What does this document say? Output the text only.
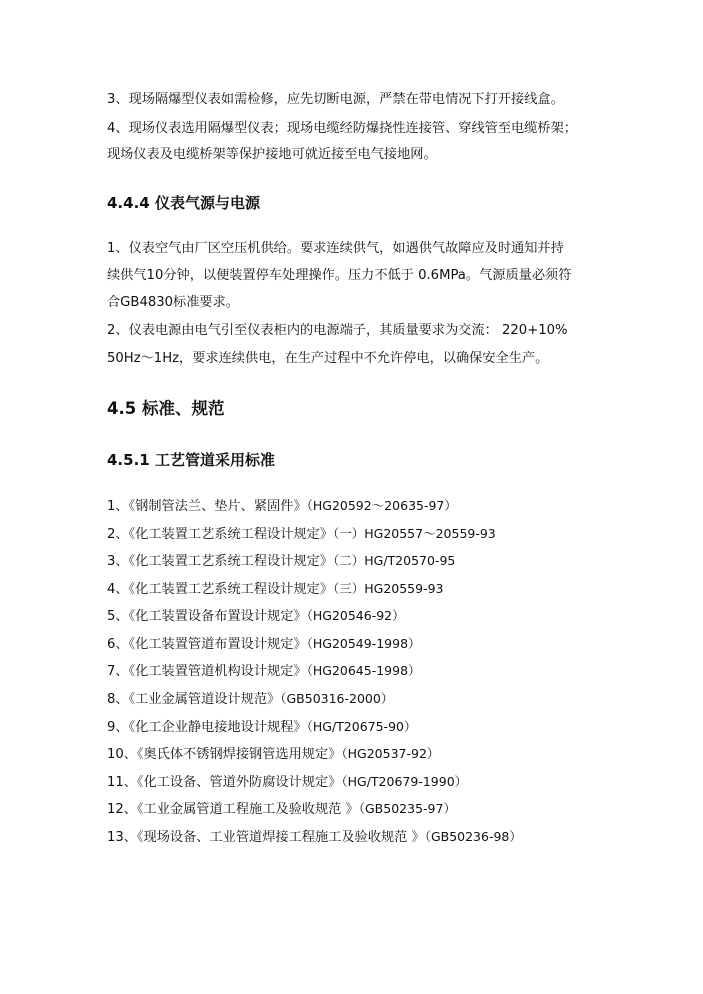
3、现场隔爆型仪表如需检修，应先切断电源，严禁在带电情况下打开接线盒。
4、现场仪表选用隔爆型仪表；现场电缆经防爆挠性连接管、穿线管至电缆桥架；
现场仪表及电缆桥架等保护接地可就近接至电气接地网。
4.4.4 仪表气源与电源
1、仪表空气由厂区空压机供给。要求连续供气，如遇供气故障应及时通知并持
续供气10分钟，以便装置停车处理操作。压力不低于 0.6MPa。气源质量必须符
合GB4830标准要求。
2、仪表电源由电气引至仪表柜内的电源端子，其质量要求为交流： 220+10%
50Hz～1Hz，要求连续供电，在生产过程中不允许停电，以确保安全生产。
4.5 标准、规范
4.5.1 工艺管道采用标准
1、《钢制管法兰、垫片、紧固件》（HG20592～20635-97）
2、《化工装置工艺系统工程设计规定》（一）HG20557～20559-93
3、《化工装置工艺系统工程设计规定》（二）HG/T20570-95
4、《化工装置工艺系统工程设计规定》（三）HG20559-93
5、《化工装置设备布置设计规定》（HG20546-92）
6、《化工装置管道布置设计规定》（HG20549-1998）
7、《化工装置管道机构设计规定》（HG20645-1998）
8、《工业金属管道设计规范》（GB50316-2000）
9、《化工企业静电接地设计规程》（HG/T20675-90）
10、《奥氏体不锈钢焊接钢管选用规定》（HG20537-92）
11、《化工设备、管道外防腐设计规定》（HG/T20679-1990）
12、《工业金属管道工程施工及验收规范 》（GB50235-97）
13、《现场设备、工业管道焊接工程施工及验收规范 》（GB50236-98）
